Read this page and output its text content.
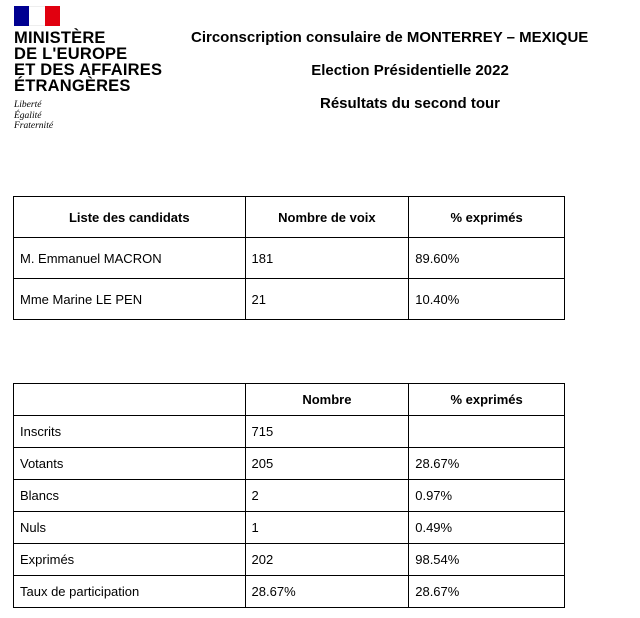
MINISTÈRE
DE L'EUROPE
ET DES AFFAIRES
ÉTRANGÈRES
Liberté
Égalité
Fraternité
Circonscription consulaire de MONTERREY – MEXIQUE
Election Présidentielle 2022
Résultats du second tour
Liste des candidats	Nombre de voix	% exprimés
M. Emmanuel MACRON	181	89.60%
Mme Marine LE PEN	21	10.40%
	Nombre	% exprimés
Inscrits	715	
Votants	205	28.67%
Blancs	2	0.97%
Nuls	1	0.49%
Exprimés	202	98.54%
Taux de participation	28.67%	28.67%
